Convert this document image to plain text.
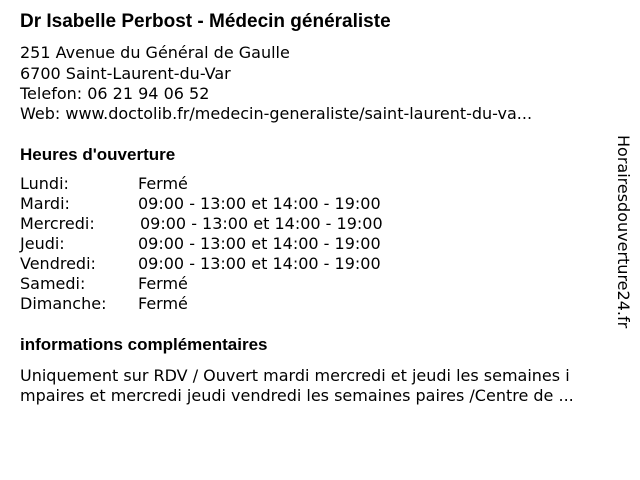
Dr Isabelle Perbost - Médecin généraliste
251 Avenue du Général de Gaulle
6700 Saint-Laurent-du-Var
Telefon: 06 21 94 06 52
Web: www.doctolib.fr/medecin-generaliste/saint-laurent-du-va...
Heures d'ouverture
Lundi:	Fermé
Mardi:	09:00 - 13:00 et 14:00 - 19:00
Mercredi:	09:00 - 13:00 et 14:00 - 19:00
Jeudi:	09:00 - 13:00 et 14:00 - 19:00
Vendredi:	09:00 - 13:00 et 14:00 - 19:00
Samedi:	Fermé
Dimanche: Fermé
informations complémentaires
Uniquement sur RDV / Ouvert mardi mercredi et jeudi les semaines i
mpaires et mercredi jeudi vendredi les semaines paires /Centre de ...
Horairesdouverture24.fr
